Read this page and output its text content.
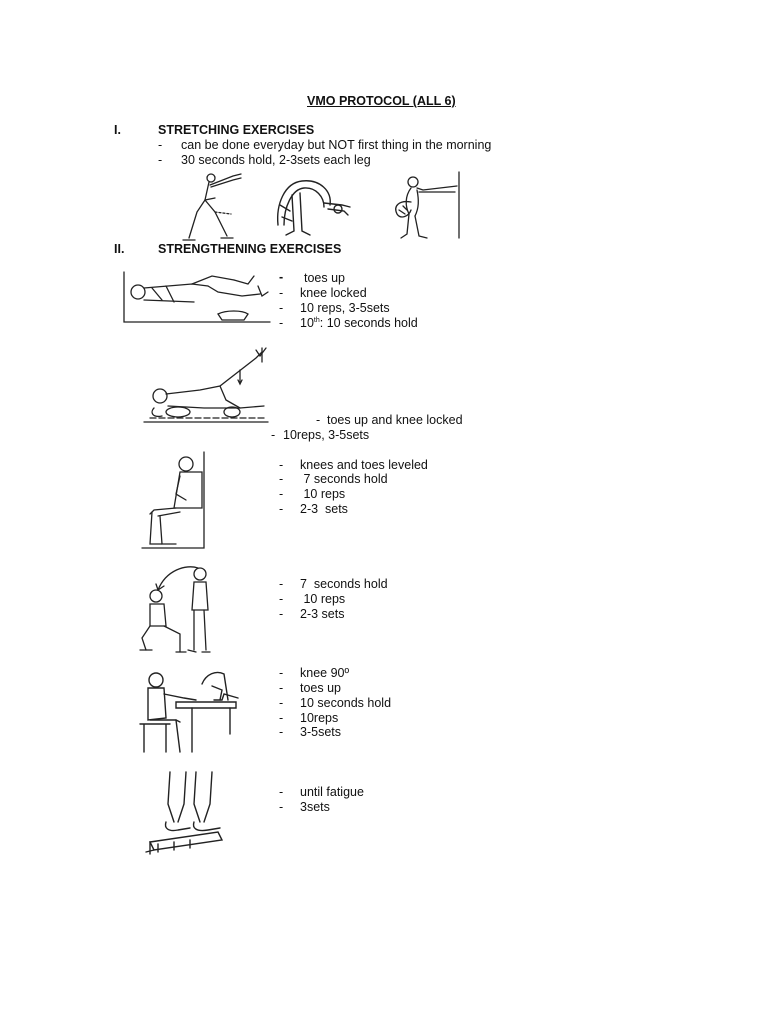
VMO PROTOCOL (ALL 6)
I.	STRETCHING EXERCISES
- can be done everyday but NOT first thing in the morning
- 30 seconds hold, 2-3sets each leg
II.	STRENGTHENING EXERCISES
- toes up
- knee locked
- 10 reps, 3-5sets
- 10th: 10 seconds hold
- toes up and knee locked
- 10reps, 3-5sets
- knees and toes leveled
- 7 seconds hold
- 10 reps
- 2-3  sets
- 7  seconds hold
- 10 reps
- 2-3 sets
- knee 90º
- toes up
- 10 seconds hold
- 10reps
- 3-5sets
- until fatigue
- 3sets
